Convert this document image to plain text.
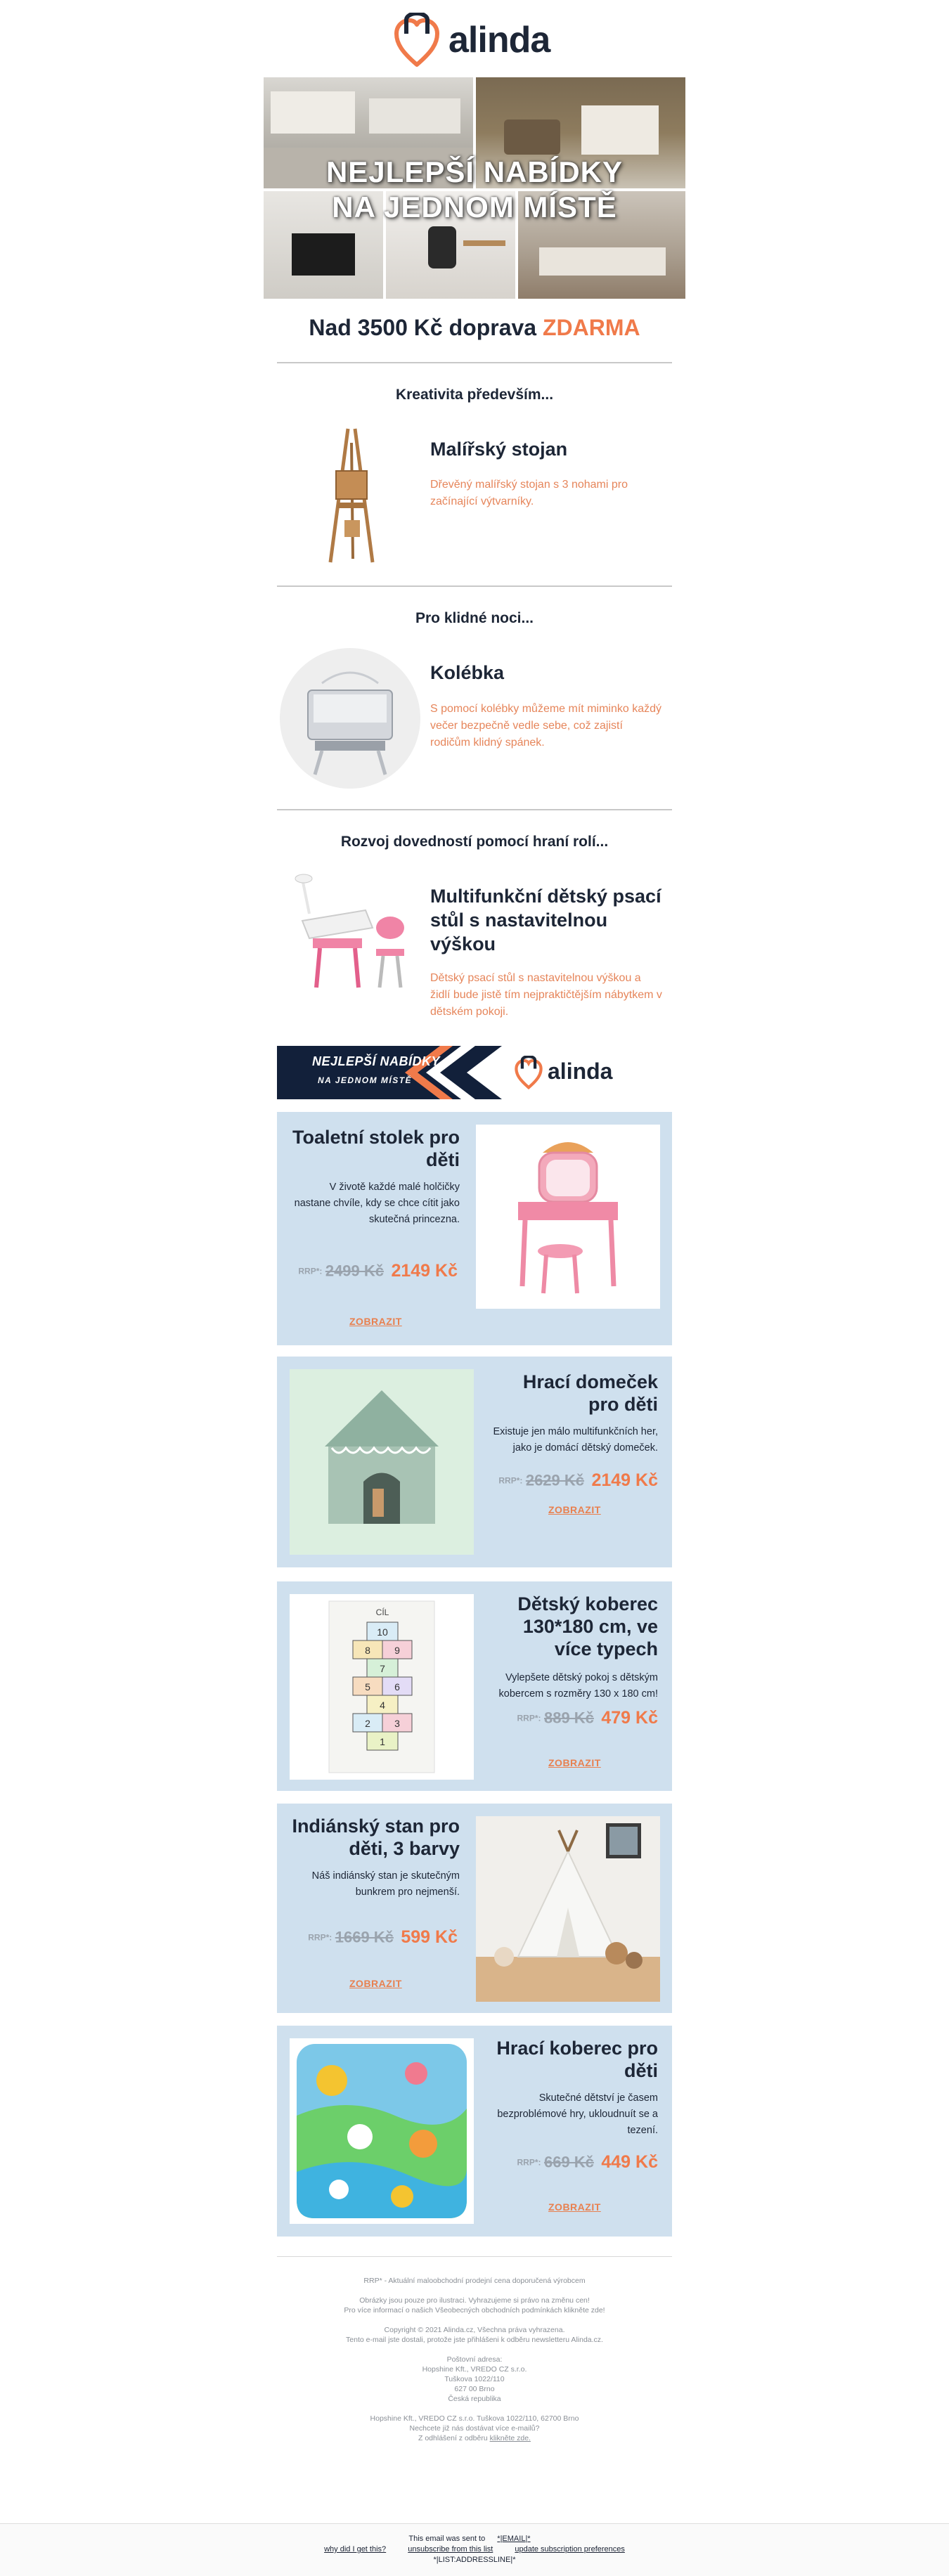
alinda
NEJLEPŠÍ NABÍDKY
NA JEDNOM MÍSTĚ
Nad 3500 Kč doprava ZDARMA
Kreativita především...
Malířský stojan
Dřevěný malířský stojan s 3 nohami pro začínající výtvarníky.
Pro klidné noci...
Kolébka
S pomocí kolébky můžeme mít miminko každý večer bezpečně vedle sebe, což zajistí rodičům klidný spánek.
Rozvoj dovedností pomocí hraní rolí...
Multifunkční dětský psací stůl s nastavitelnou výškou
Dětský psací stůl s nastavitelnou výškou a židlí bude jistě tím nejpraktičtějším nábytkem v dětském pokoji.
NEJLEPŠÍ NABÍDKY
NA JEDNOM MÍSTĚ	alinda
Toaletní stolek pro děti
V životě každé malé holčičky nastane chvíle, kdy se chce cítit jako skutečná princezna.
RRP*: 2499 Kč 2149 Kč
ZOBRAZIT
Hrací domeček pro děti
Existuje jen málo multifunkčních her, jako je domácí dětský domeček.
RRP*: 2629 Kč 2149 Kč
ZOBRAZIT
CÍL
10
8 9
7
5 6
4
2 3
1
Dětský koberec 130*180 cm, ve více typech
Vylepšete dětský pokoj s dětským kobercem s rozměry 130 x 180 cm!
RRP*: 889 Kč 479 Kč
ZOBRAZIT
Indiánský stan pro děti, 3 barvy
Náš indiánský stan je skutečným bunkrem pro nejmenší.
RRP*: 1669 Kč 599 Kč
ZOBRAZIT
Hrací koberec pro děti
Skutečné dětství je časem bezproblémové hry, ukloudnuít se a tezení.
RRP*: 669 Kč 449 Kč
ZOBRAZIT
RRP* - Aktuální maloobchodní prodejní cena doporučená výrobcem
Obrázky jsou pouze pro ilustraci. Vyhrazujeme si právo na změnu cen!
Pro více informací o našich Všeobecných obchodních podmínkách klikněte zde!
Copyright © 2021 Alinda.cz, Všechna práva vyhrazena.
Tento e-mail jste dostali, protože jste přihlášeni k odběru newsletteru Alinda.cz.
Poštovní adresa:
Hopshine Kft., VREDO CZ s.r.o.
Tuškova 1022/110
627 00 Brno
Česká republika
Hopshine Kft., VREDO CZ s.r.o. Tuškova 1022/110, 62700 Brno
Nechcete již nás dostávat více e-mailů?
Z odhlášení z odběru klikněte zde.
This email was sent to *|EMAIL|*
why did I get this?	unsubscribe from this list	update subscription preferences
*|LIST:ADDRESSLINE|*
